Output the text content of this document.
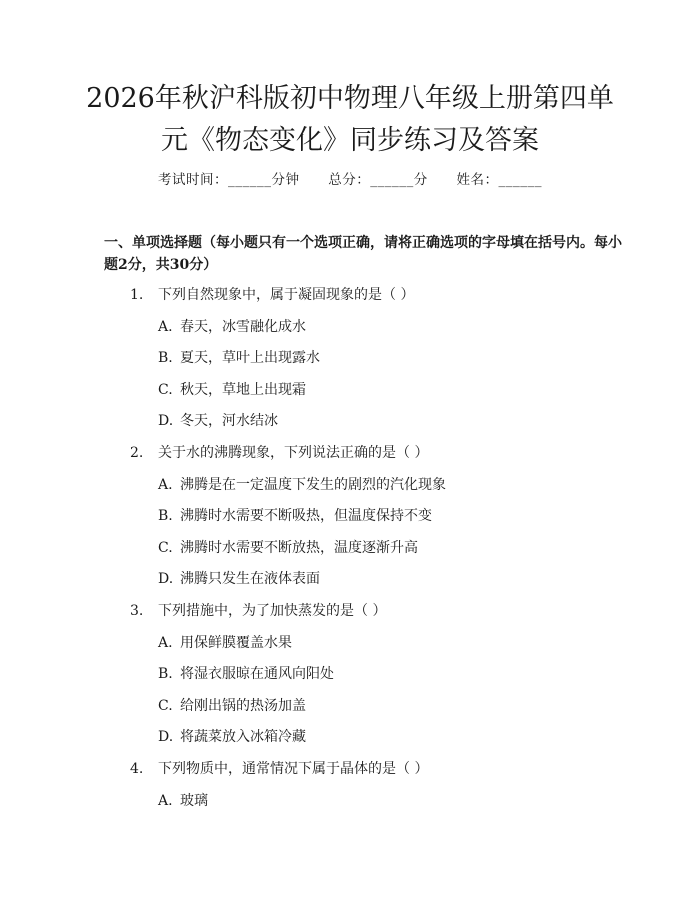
2026年秋沪科版初中物理八年级上册第四单
元《物态变化》同步练习及答案
考试时间：______分钟 总分：______分 姓名：______

一、单项选择题（每小题只有一个选项正确，请将正确选项的字母填在括号内。每小题2分，共30分）

1. 下列自然现象中，属于凝固现象的是（ ）
A. 春天，冰雪融化成水
B. 夏天，草叶上出现露水
C. 秋天，草地上出现霜
D. 冬天，河水结冰
2. 关于水的沸腾现象，下列说法正确的是（ ）
A. 沸腾是在一定温度下发生的剧烈的汽化现象
B. 沸腾时水需要不断吸热，但温度保持不变
C. 沸腾时水需要不断放热，温度逐渐升高
D. 沸腾只发生在液体表面
3. 下列措施中，为了加快蒸发的是（ ）
A. 用保鲜膜覆盖水果
B. 将湿衣服晾在通风向阳处
C. 给刚出锅的热汤加盖
D. 将蔬菜放入冰箱冷藏
4. 下列物质中，通常情况下属于晶体的是（ ）
A. 玻璃
